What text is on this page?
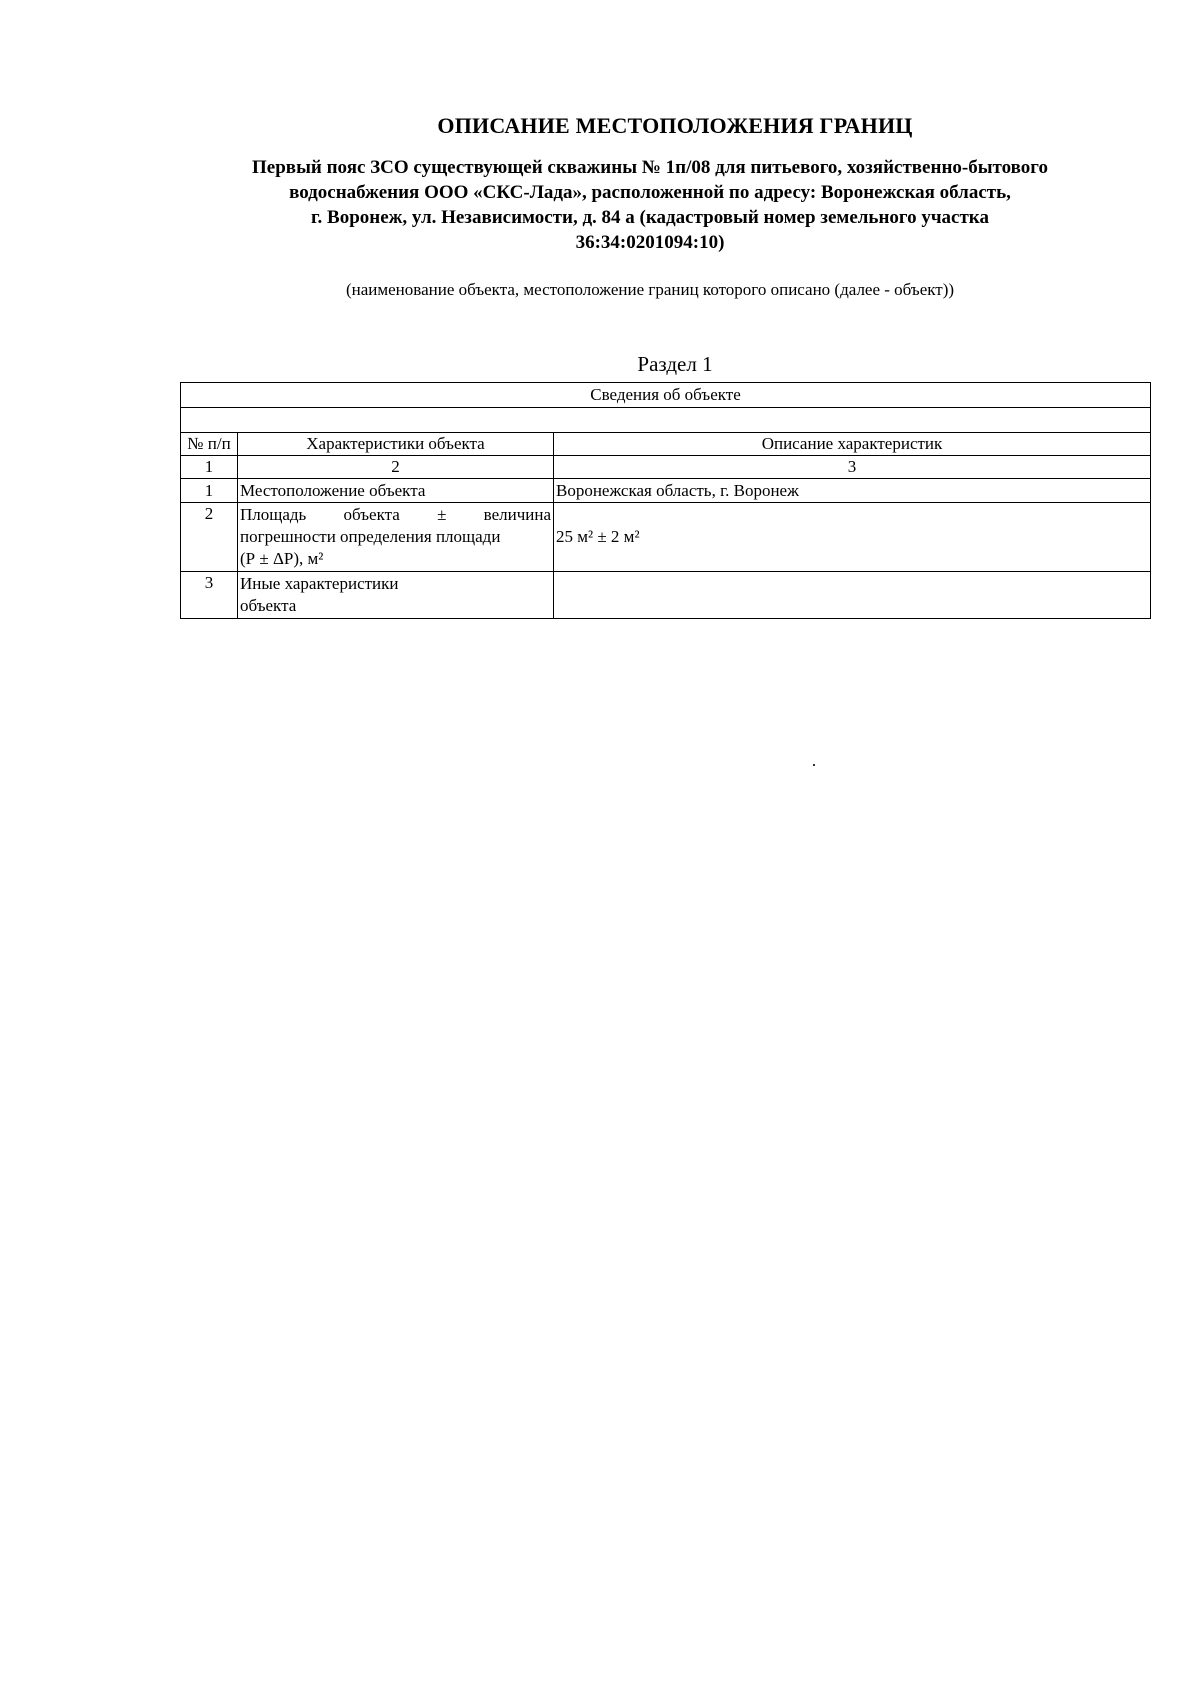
ОПИСАНИЕ МЕСТОПОЛОЖЕНИЯ ГРАНИЦ
Первый пояс ЗСО существующей скважины № 1п/08 для питьевого, хозяйственно-бытового
водоснабжения ООО «СКС-Лада», расположенной по адресу: Воронежская область,
г. Воронеж, ул. Независимости, д. 84 а (кадастровый номер земельного участка
36:34:0201094:10)
(наименование объекта, местоположение границ которого описано (далее - объект))
Раздел 1
Сведения об объекте		

№ п/п	Характеристики объекта	Описание характеристик
1	2	3
1	Местоположение объекта	Воронежская область, г. Воронеж
2	Площадь объекта ± величина
погрешности определения площади
(Р ± ΔР), м²	25 м² ± 2 м²
3	Иные характеристики
объекта	
